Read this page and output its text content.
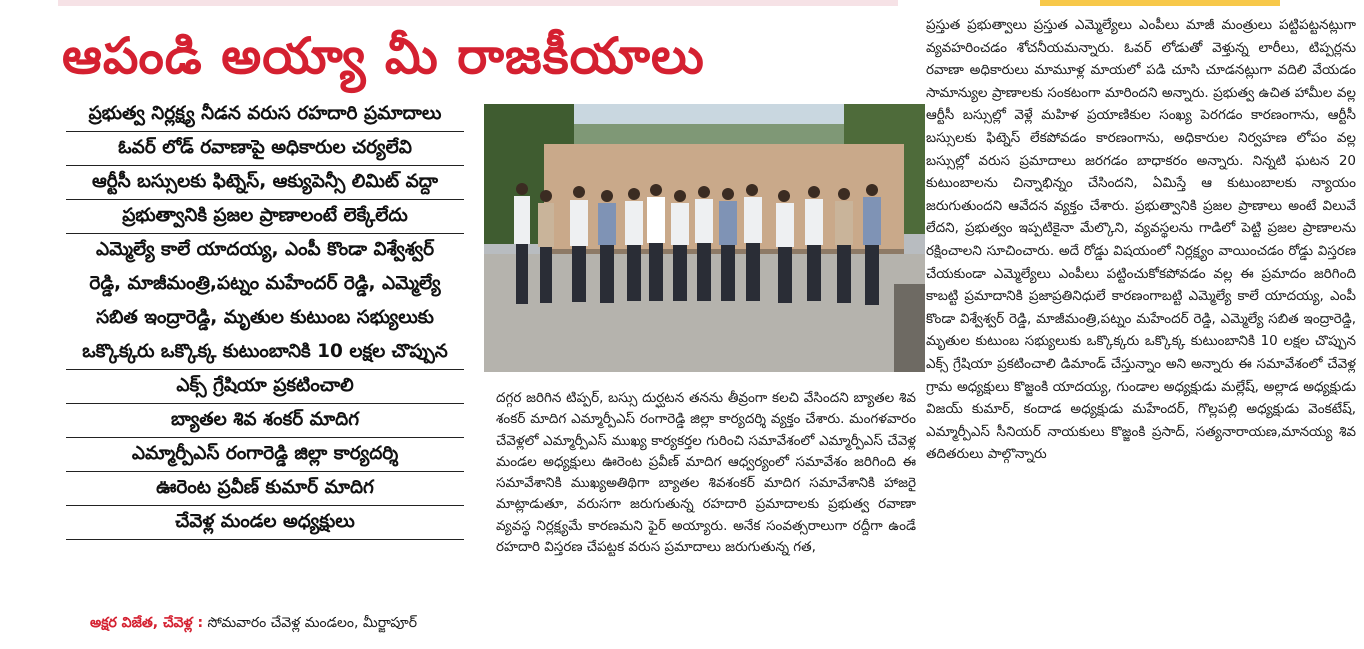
ఆపండి అయ్యా మీ రాజకీయాలు
ప్రభుత్వ నిర్లక్ష్య నీడన వరుస రహదారి ప్రమాదాలు
ఓవర్ లోడ్ రవాణాపై అధికారుల చర్యలేవి
ఆర్టీసీ బస్సులకు ఫిట్నెస్, ఆక్యుపెన్సీ లిమిట్ వద్దా
ప్రభుత్వానికి ప్రజల ప్రాణాలంటే లెక్కేలేదు
ఎమ్మెల్యే కాలే యాదయ్య, ఎంపీ కొండా విశ్వేశ్వర్
రెడ్డి, మాజీమంత్రి,పట్నం మహేందర్ రెడ్డి, ఎమ్మెల్యే
సబిత ఇంద్రారెడ్డి, మృతుల కుటుంబ సభ్యులుకు
ఒక్కొక్కరు ఒక్కొక్క కుటుంబానికి 10 లక్షల చొప్పున
ఎక్స్ గ్రేషియా ప్రకటించాలి
బ్యాతల శివ శంకర్ మాదిగ
ఎమ్మార్పీఎస్ రంగారెడ్డి జిల్లా కార్యదర్శి
ఊరెంట ప్రవీణ్ కుమార్ మాదిగ
చేవెళ్ల మండల అధ్యక్షులు
అక్షర విజేత, చేవెళ్ల : సోమవారం చేవెళ్ల మండలం, మీర్జాపూర్
దగ్గర జరిగిన టిప్పర్, బస్సు దుర్ఘటన తనను తీవ్రంగా కలచి వేసిందని బ్యాతల శివ శంకర్ మాదిగ ఎమ్మార్పీఎస్ రంగారెడ్డి జిల్లా కార్యదర్శి వ్యక్తం చేశారు. మంగళవారం చేవెళ్లలో ఎమ్మార్పీఎస్ ముఖ్య కార్యకర్తల గురించి సమావేశంలో ఎమ్మార్పీఎస్ చేవెళ్ల మండల అధ్యక్షులు ఊరెంట ప్రవీణ్ మాదిగ ఆధ్వర్యంలో సమావేశం జరిగింది ఈ సమావేశానికి ముఖ్యఅతిథిగా బ్యాతల శివశంకర్ మాదిగ సమావేశానికి హాజరై మాట్లాడుతూ, వరుసగా జరుగుతున్న రహదారి ప్రమాదాలకు ప్రభుత్వ రవాణా వ్యవస్థ నిర్లక్ష్యమే కారణమని ఫైర్ అయ్యారు. అనేక సంవత్సరాలుగా రద్దీగా ఉండే రహదారి విస్తరణ చేపట్టక వరుస ప్రమాదాలు జరుగుతున్న గత,
ప్రస్తుత ప్రభుత్వాలు ప్రస్తుత ఎమ్మెల్యేలు ఎంపీలు మాజీ మంత్రులు పట్టిపట్టనట్లుగా వ్యవహరించడం శోచనీయమన్నారు. ఓవర్ లోడుతో వెళ్తున్న లారీలు, టిప్పర్లను రవాణా అధికారులు మామూళ్ల మాయలో పడి చూసి చూడనట్లుగా వదిలి వేయడం సామాన్యుల ప్రాణాలకు సంకటంగా మారిందని అన్నారు. ప్రభుత్వ ఉచిత హామీల వల్ల ఆర్టీసీ బస్సుల్లో వెళ్లే మహిళ ప్రయాణికుల సంఖ్య పెరగడం కారణంగాను, ఆర్టీసీ బస్సులకు ఫిట్నెస్ లేకపోవడం కారణంగాను, అధికారుల నిర్వహణ లోపం వల్ల బస్సుల్లో వరుస ప్రమాదాలు జరగడం బాధాకరం అన్నారు. నిన్నటి ఘటన 20 కుటుంబాలను చిన్నాభిన్నం చేసిందని, ఏమిస్తే ఆ కుటుంబాలకు న్యాయం జరుగుతుందని ఆవేదన వ్యక్తం చేశారు. ప్రభుత్వానికి ప్రజల ప్రాణాలు అంటే విలువే లేదని, ప్రభుత్వం ఇప్పటికైనా మేల్కొని, వ్యవస్థలను గాడిలో పెట్టి ప్రజల ప్రాణాలను రక్షించాలని సూచించారు. అదే రోడ్డు విషయంలో నిర్లక్ష్యం వాయించడం రోడ్డు విస్తరణ చేయకుండా ఎమ్మెల్యేలు ఎంపీలు పట్టించుకోకపోవడం వల్ల ఈ ప్రమాదం జరిగింది కాబట్టి ప్రమాదానికి ప్రజాప్రతినిధులే కారణంగాబట్టి ఎమ్మెల్యే కాలే యాదయ్య, ఎంపీ కొండా విశ్వేశ్వర్ రెడ్డి, మాజీమంత్రి,పట్నం మహేందర్ రెడ్డి, ఎమ్మెల్యే సబిత ఇంద్రారెడ్డి, మృతుల కుటుంబ సభ్యులుకు ఒక్కొక్కరు ఒక్కొక్క కుటుంబానికి 10 లక్షల చొప్పున ఎక్స్ గ్రేషియా ప్రకటించాలి డిమాండ్ చేస్తున్నాం అని అన్నారు ఈ సమావేశంలో చేవెళ్ల గ్రామ అధ్యక్షులు కొజ్జంకి యాదయ్య, గుండాల అధ్యక్షుడు మల్లేష్, అల్లాడ అధ్యక్షుడు విజయ్ కుమార్, కందాడ అధ్యక్షుడు మహేందర్, గొల్లపల్లి అధ్యక్షుడు వెంకటేష్, ఎమ్మార్పీఎస్ సీనియర్ నాయకులు కొజ్జంకి ప్రసాద్, సత్యనారాయణ,మానయ్య శివ తదితరులు పాల్గొన్నారు
